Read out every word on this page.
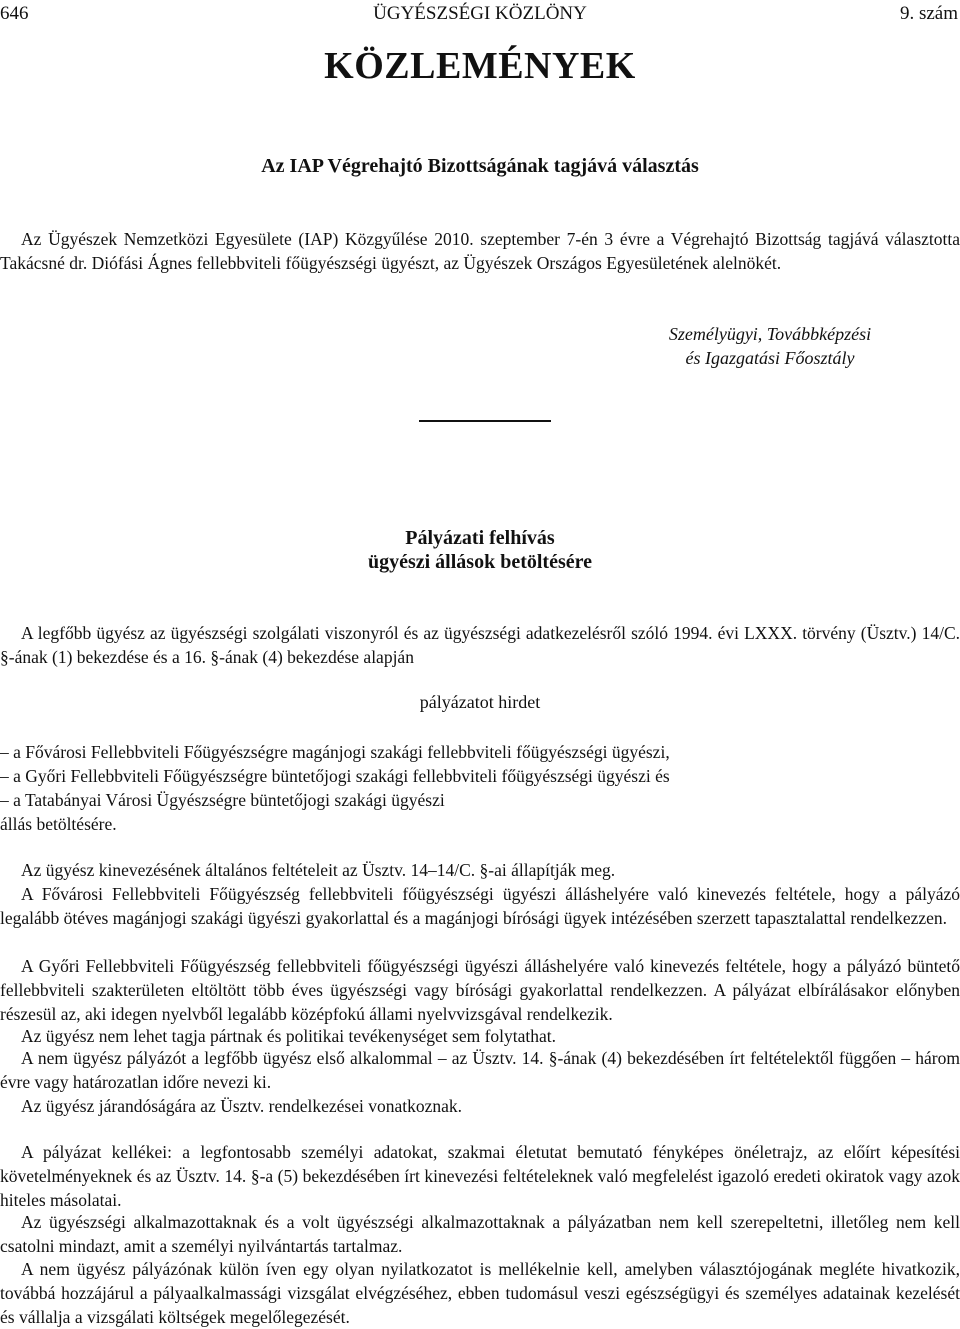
646	ÜGYÉSZSÉGI KÖZLÖNY	9. szám
KÖZLEMÉNYEK
Az IAP Végrehajtó Bizottságának tagjává választás

Az Ügyészek Nemzetközi Egyesülete (IAP) Közgyűlése 2010. szeptember 7-én 3 évre a Végrehajtó Bizottság tagjává választotta Takácsné dr. Diófási Ágnes fellebbviteli főügyészségi ügyészt, az Ügyészek Országos Egyesületének alelnökét.

Személyügyi, Továbbképzési
és Igazgatási Főosztály
Pályázati felhívás
ügyészi állások betöltésére

A legfőbb ügyész az ügyészségi szolgálati viszonyról és az ügyészségi adatkezelésről szóló 1994. évi LXXX. törvény (Üsztv.) 14/C. §-ának (1) bekezdése és a 16. §-ának (4) bekezdése alapján

pályázatot hirdet
– a Fővárosi Fellebbviteli Főügyészségre magánjogi szakági fellebbviteli főügyészségi ügyészi,
– a Győri Fellebbviteli Főügyészségre büntetőjogi szakági fellebbviteli főügyészségi ügyészi és
– a Tatabányai Városi Ügyészségre büntetőjogi szakági ügyészi
állás betöltésére.

Az ügyész kinevezésének általános feltételeit az Üsztv. 14–14/C. §-ai állapítják meg.

A Fővárosi Fellebbviteli Főügyészség fellebbviteli főügyészségi ügyészi álláshelyére való kinevezés feltétele, hogy a pályázó legalább ötéves magánjogi szakági ügyészi gyakorlattal és a magánjogi bírósági ügyek intézésében szerzett tapasztalattal rendelkezzen.

A Győri Fellebbviteli Főügyészség fellebbviteli főügyészségi ügyészi álláshelyére való kinevezés feltétele, hogy a pályázó büntető fellebbviteli szakterületen eltöltött több éves ügyészségi vagy bírósági gyakorlattal rendelkezzen. A pályázat elbírálásakor előnyben részesül az, aki idegen nyelvből legalább középfokú állami nyelvvizsgával rendelkezik.

Az ügyész nem lehet tagja pártnak és politikai tevékenységet sem folytathat.

A nem ügyész pályázót a legfőbb ügyész első alkalommal – az Üsztv. 14. §-ának (4) bekezdésében írt feltételektől függően – három évre vagy határozatlan időre nevezi ki.

Az ügyész járandóságára az Üsztv. rendelkezései vonatkoznak.

A pályázat kellékei: a legfontosabb személyi adatokat, szakmai életutat bemutató fényképes önéletrajz, az előírt képesítési követelményeknek és az Üsztv. 14. §-a (5) bekezdésében írt kinevezési feltételeknek való megfelelést igazoló eredeti okiratok vagy azok hiteles másolatai.

Az ügyészségi alkalmazottaknak és a volt ügyészségi alkalmazottaknak a pályázatban nem kell szerepeltetni, illetőleg nem kell csatolni mindazt, amit a személyi nyilvántartás tartalmaz.

A nem ügyész pályázónak külön íven egy olyan nyilatkozatot is mellékelnie kell, amelyben választójogának megléte hivatkozik, továbbá hozzájárul a pályaalkalmassági vizsgálat elvégzéséhez, ebben tudomásul veszi egészségügyi és személyes adatainak kezelését és vállalja a vizsgálati költségek megelőlegezését.
